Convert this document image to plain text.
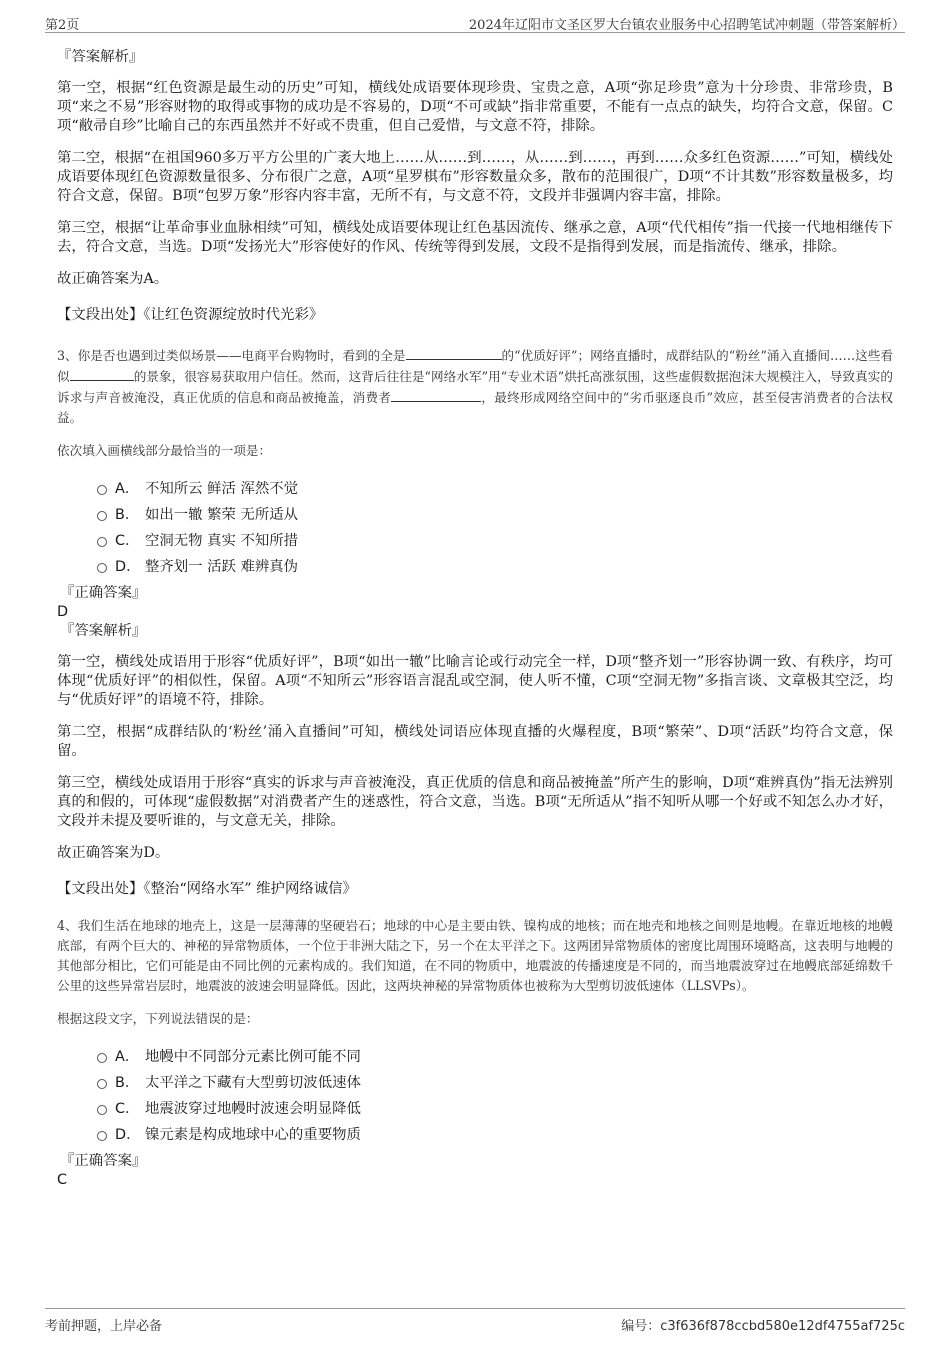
第2页	2024年辽阳市文圣区罗大台镇农业服务中心招聘笔试冲刺题（带答案解析）

『答案解析』

第一空，根据“红色资源是最生动的历史”可知，横线处成语要体现珍贵、宝贵之意，A项“弥足珍贵”意为十分珍贵、非常珍贵，B项“来之不易”形容财物的取得或事物的成功是不容易的，D项“不可或缺”指非常重要，不能有一点点的缺失，均符合文意，保留。C项“敝帚自珍”比喻自己的东西虽然并不好或不贵重，但自己爱惜，与文意不符，排除。

第二空，根据“在祖国960多万平方公里的广袤大地上……从……到……，从……到……，再到……众多红色资源……”可知，横线处成语要体现红色资源数量很多、分布很广之意，A项“星罗棋布”形容数量众多，散布的范围很广，D项“不计其数”形容数量极多，均符合文意，保留。B项“包罗万象”形容内容丰富，无所不有，与文意不符，文段并非强调内容丰富，排除。

第三空，根据“让革命事业血脉相续”可知，横线处成语要体现让红色基因流传、继承之意，A项“代代相传”指一代接一代地相继传下去，符合文意，当选。D项“发扬光大”形容使好的作风、传统等得到发展，文段不是指得到发展，而是指流传、继承，排除。

故正确答案为A。

【文段出处】《让红色资源绽放时代光彩》

3、你是否也遇到过类似场景——电商平台购物时，看到的全是	的“优质好评”；网络直播时，成群结队的“粉丝”涌入直播间……这些看似	的景象，很容易获取用户信任。然而，这背后往往是“网络水军”用“专业术语”烘托高涨氛围，这些虚假数据泡沫大规模注入，导致真实的诉求与声音被淹没，真正优质的信息和商品被掩盖，消费者	，最终形成网络空间中的“劣币驱逐良币”效应，甚至侵害消费者的合法权益。

依次填入画横线部分最恰当的一项是：

A． 不知所云 鲜活 浑然不觉
B． 如出一辙 繁荣 无所适从
C． 空洞无物 真实 不知所措
D． 整齐划一 活跃 难辨真伪

『正确答案』

D

『答案解析』

第一空，横线处成语用于形容“优质好评”，B项“如出一辙”比喻言论或行动完全一样，D项“整齐划一”形容协调一致、有秩序，均可体现“优质好评”的相似性，保留。A项“不知所云”形容语言混乱或空洞，使人听不懂，C项“空洞无物”多指言谈、文章极其空泛，均与“优质好评”的语境不符，排除。

第二空，根据“成群结队的‘粉丝’涌入直播间”可知，横线处词语应体现直播的火爆程度，B项“繁荣”、D项“活跃”均符合文意，保留。

第三空，横线处成语用于形容“真实的诉求与声音被淹没，真正优质的信息和商品被掩盖”所产生的影响，D项“难辨真伪”指无法辨别真的和假的，可体现“虚假数据”对消费者产生的迷惑性，符合文意，当选。B项“无所适从”指不知听从哪一个好或不知怎么办才好，文段并未提及要听谁的，与文意无关，排除。

故正确答案为D。

【文段出处】《整治“网络水军” 维护网络诚信》

4、我们生活在地球的地壳上，这是一层薄薄的坚硬岩石；地球的中心是主要由铁、镍构成的地核；而在地壳和地核之间则是地幔。在靠近地核的地幔底部，有两个巨大的、神秘的异常物质体，一个位于非洲大陆之下，另一个在太平洋之下。这两团异常物质体的密度比周围环境略高，这表明与地幔的其他部分相比，它们可能是由不同比例的元素构成的。我们知道，在不同的物质中，地震波的传播速度是不同的，而当地震波穿过在地幔底部延绵数千公里的这些异常岩层时，地震波的波速会明显降低。因此，这两块神秘的异常物质体也被称为大型剪切波低速体（LLSVPs）。

根据这段文字，下列说法错误的是：

A． 地幔中不同部分元素比例可能不同
B． 太平洋之下藏有大型剪切波低速体
C． 地震波穿过地幔时波速会明显降低
D． 镍元素是构成地球中心的重要物质

『正确答案』

C

考前押题，上岸必备	编号：c3f636f878ccbd580e12df4755af725c
